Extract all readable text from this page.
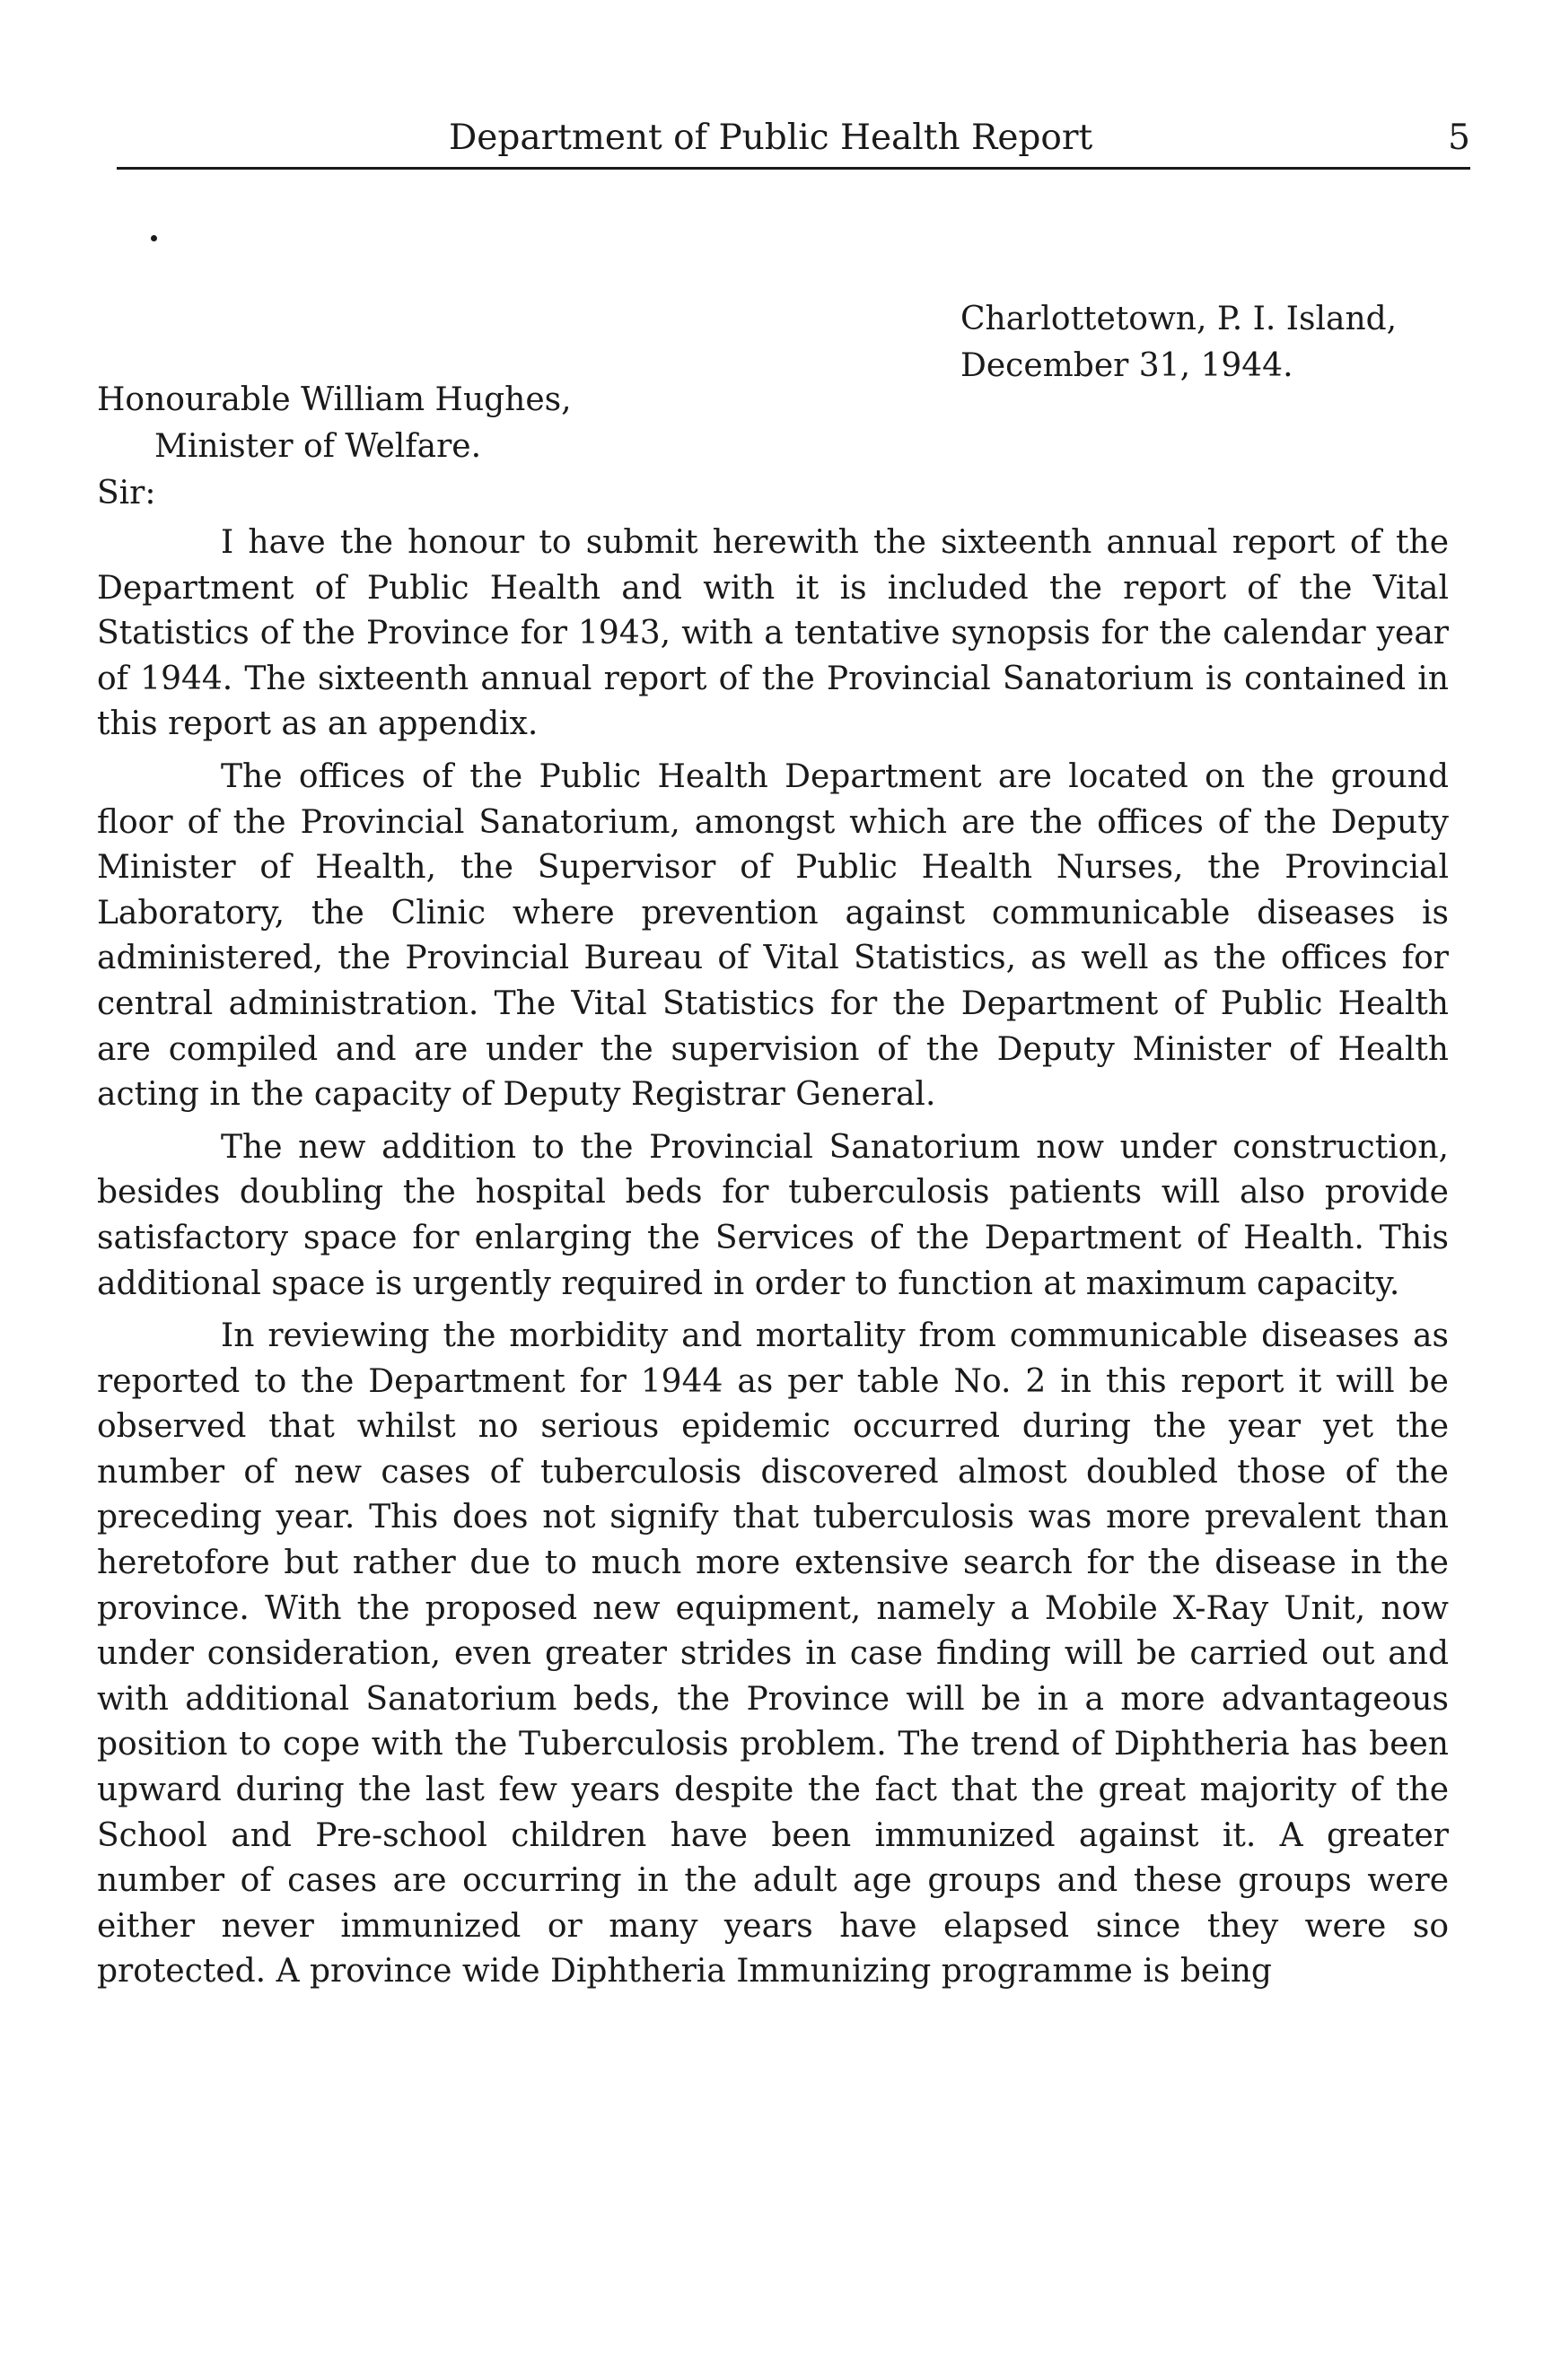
Department of Public Health Report	5
Charlottetown, P. I. Island,
December 31, 1944.
Honourable William Hughes,
Minister of Welfare.
Sir:

I have the honour to submit herewith the sixteenth annual report of the Department of Public Health and with it is included the report of the Vital Statistics of the Province for 1943, with a tentative synopsis for the calendar year of 1944. The sixteenth annual report of the Provincial Sanatorium is contained in this report as an appendix.

The offices of the Public Health Department are located on the ground floor of the Provincial Sanatorium, amongst which are the offices of the Deputy Minister of Health, the Supervisor of Public Health Nurses, the Provincial Laboratory, the Clinic where prevention against communicable diseases is administered, the Provincial Bureau of Vital Statistics, as well as the offices for central administration. The Vital Statistics for the Department of Public Health are compiled and are under the supervision of the Deputy Minister of Health acting in the capacity of Deputy Registrar General.

The new addition to the Provincial Sanatorium now under construction, besides doubling the hospital beds for tuberculosis patients will also provide satisfactory space for enlarging the Services of the Department of Health. This additional space is urgently required in order to function at maximum capacity.

In reviewing the morbidity and mortality from communicable diseases as reported to the Department for 1944 as per table No. 2 in this report it will be observed that whilst no serious epidemic occurred during the year yet the number of new cases of tuberculosis discovered almost doubled those of the preceding year. This does not signify that tuberculosis was more prevalent than heretofore but rather due to much more extensive search for the disease in the province. With the proposed new equipment, namely a Mobile X-Ray Unit, now under consideration, even greater strides in case finding will be carried out and with additional Sanatorium beds, the Province will be in a more advantageous position to cope with the Tuberculosis problem. The trend of Diphtheria has been upward during the last few years despite the fact that the great majority of the School and Pre-school children have been immunized against it. A greater number of cases are occurring in the adult age groups and these groups were either never immunized or many years have elapsed since they were so protected. A province wide Diphtheria Immunizing programme is being
